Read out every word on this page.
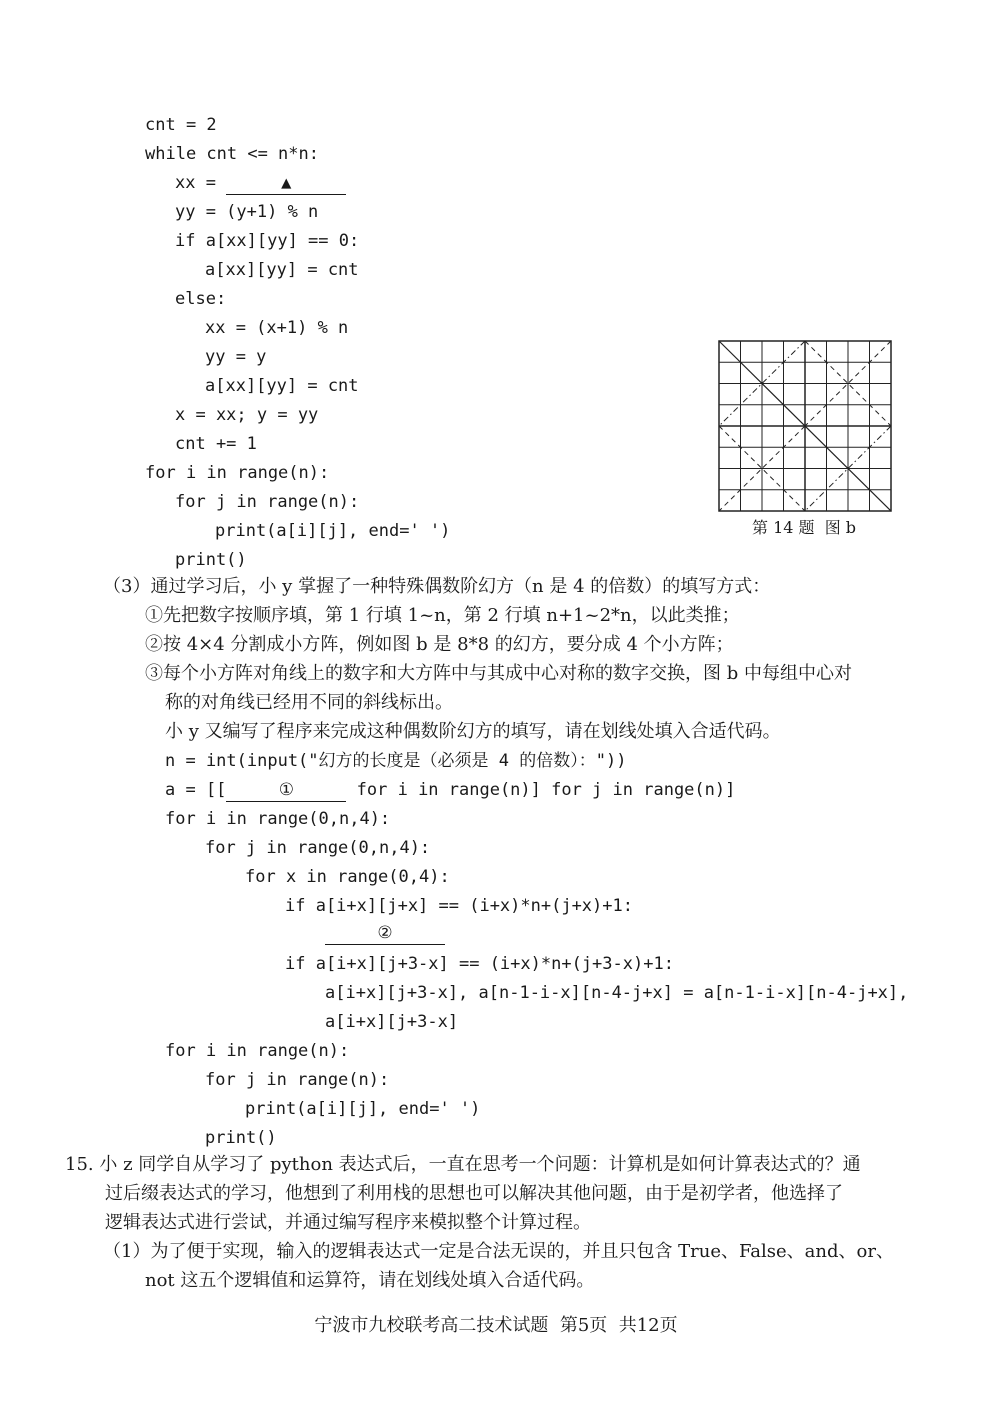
cnt = 2
while cnt <= n*n:
xx =	▲
yy = (y+1) % n
if a[xx][yy] == 0:
a[xx][yy] = cnt
else:
xx = (x+1) % n
yy = y
a[xx][yy] = cnt
x = xx; y = yy
cnt += 1
for i in range(n):
for j in range(n):
print(a[i][j], end=' ')
print()
第 14 题  图 b
（3）通过学习后，小 y 掌握了一种特殊偶数阶幻方（n 是 4 的倍数）的填写方式：
①先把数字按顺序填，第 1 行填 1~n，第 2 行填 n+1~2*n，以此类推；
②按 4×4 分割成小方阵，例如图 b 是 8*8 的幻方，要分成 4 个小方阵；
③每个小方阵对角线上的数字和大方阵中与其成中心对称的数字交换，图 b 中每组中心对
称的对角线已经用不同的斜线标出。
小 y 又编写了程序来完成这种偶数阶幻方的填写，请在划线处填入合适代码。
n = int(input("幻方的长度是（必须是 4 的倍数）："))
a = [[	①	for i in range(n)] for j in range(n)]
for i in range(0,n,4):
for j in range(0,n,4):
for x in range(0,4):
if a[i+x][j+x] == (i+x)*n+(j+x)+1:
②
if a[i+x][j+3-x] == (i+x)*n+(j+3-x)+1:
a[i+x][j+3-x], a[n-1-i-x][n-4-j+x] = a[n-1-i-x][n-4-j+x],
a[i+x][j+3-x]
for i in range(n):
for j in range(n):
print(a[i][j], end=' ')
print()
15. 小 z 同学自从学习了 python 表达式后，一直在思考一个问题：计算机是如何计算表达式的？通
过后缀表达式的学习，他想到了利用栈的思想也可以解决其他问题，由于是初学者，他选择了
逻辑表达式进行尝试，并通过编写程序来模拟整个计算过程。
（1）为了便于实现，输入的逻辑表达式一定是合法无误的，并且只包含 True、False、and、or、
not 这五个逻辑值和运算符，请在划线处填入合适代码。
宁波市九校联考高二技术试题  第5页  共12页
